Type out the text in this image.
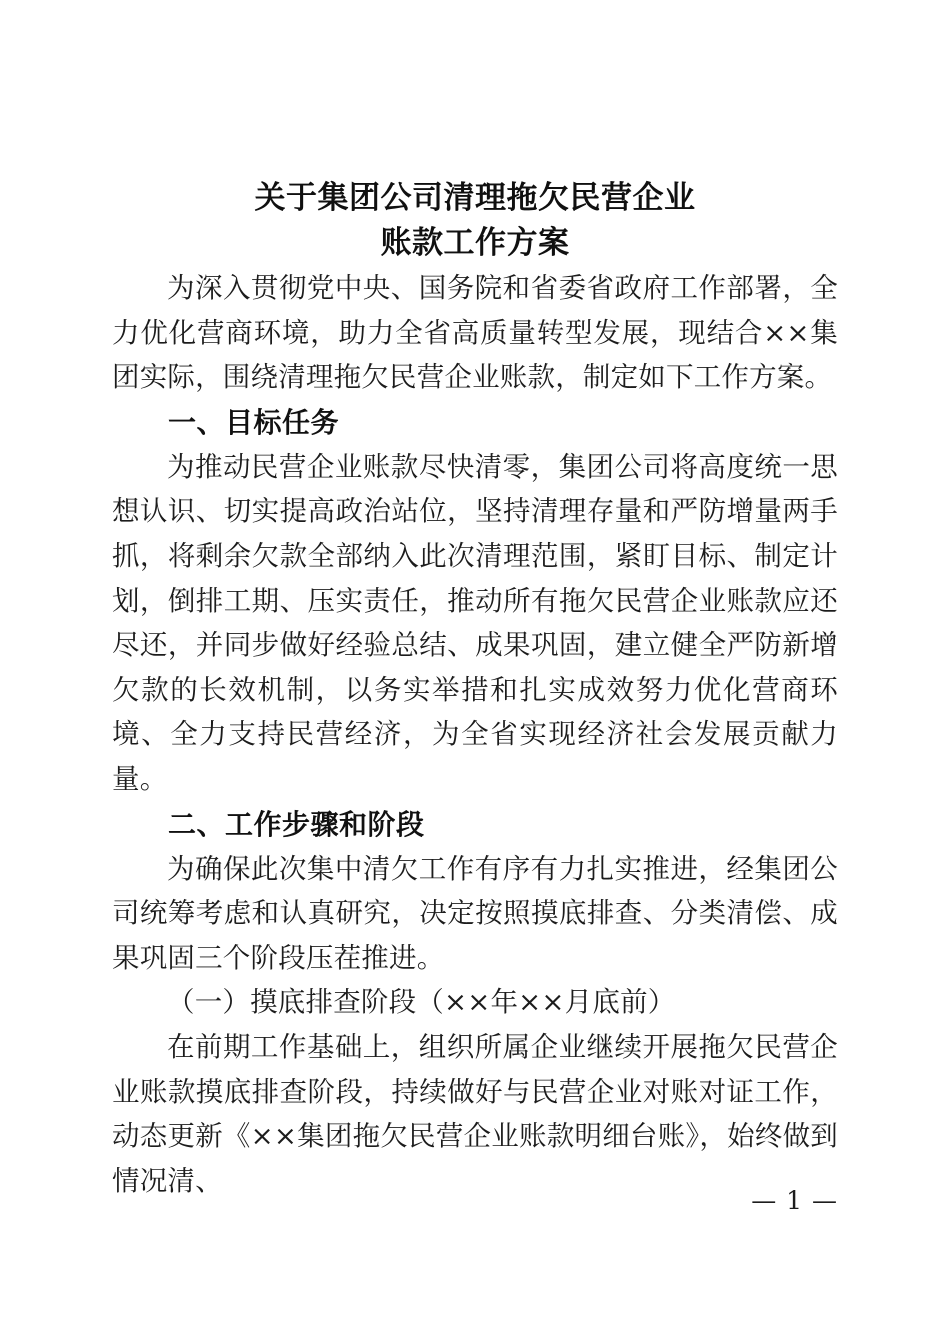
关于集团公司清理拖欠民营企业
账款工作方案

为深入贯彻党中央、国务院和省委省政府工作部署，全力优化营商环境，助力全省高质量转型发展，现结合××集团实际，围绕清理拖欠民营企业账款，制定如下工作方案。

一、目标任务

为推动民营企业账款尽快清零，集团公司将高度统一思想认识、切实提高政治站位，坚持清理存量和严防增量两手抓，将剩余欠款全部纳入此次清理范围，紧盯目标、制定计划，倒排工期、压实责任，推动所有拖欠民营企业账款应还尽还，并同步做好经验总结、成果巩固，建立健全严防新增欠款的长效机制，以务实举措和扎实成效努力优化营商环境、全力支持民营经济，为全省实现经济社会发展贡献力量。

二、工作步骤和阶段

为确保此次集中清欠工作有序有力扎实推进，经集团公司统筹考虑和认真研究，决定按照摸底排查、分类清偿、成果巩固三个阶段压茬推进。

（一）摸底排查阶段（××年××月底前）

在前期工作基础上，组织所属企业继续开展拖欠民营企业账款摸底排查阶段，持续做好与民营企业对账对证工作，动态更新《××集团拖欠民营企业账款明细台账》，始终做到情况清、

— 1 —
